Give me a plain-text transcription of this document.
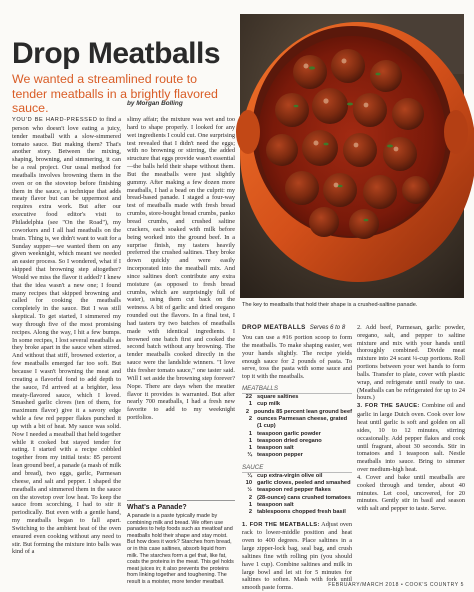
Drop Meatballs
We wanted a streamlined route to tender meatballs in a brightly flavored sauce.	by Morgan Bolling

YOU'D BE HARD-PRESSED to find a person who doesn't love eating a juicy, tender meatball with a slow-simmered tomato sauce. But making them? That's another story. Between the mixing, shaping, browning, and simmering, it can be a real project. Our usual method for meatballs involves browning them in the oven or on the stovetop before finishing them in the sauce, a technique that adds meaty flavor but can be uppermost and requires extra work. But after our executive food editor's visit to Philadelphia (see "On the Road"), my coworkers and I all had meatballs on the brain. Thing is, we didn't want to wait for a Sunday supper—we wanted them on any given weeknight, which meant we needed an easier process. So I wondered, what if I skipped that browning step altogether? Would we miss the flavor it added? I knew that the idea wasn't a new one; I found many recipes that skipped browning and called for cooking the meatballs completely in the sauce. But I was still skeptical. To get started, I simmered my way through five of the most promising recipes. Along the way, I hit a few bumps. In some recipes, I lost several meatballs as they broke apart in the sauce when stirred. And without that stiff, browned exterior, a few meatballs emerged far too soft. But because I wasn't browning the meat and creating a flavorful fond to add depth to the sauce, I'd arrived at a brighter, less meaty-flavored sauce, which I loved. Smashed garlic cloves (ten of them, for maximum flavor) give it a savory edge while a few red pepper flakes punched it up with a bit of heat. My sauce was solid. Now I needed a meatball that held together while it cooked but stayed tender for eating. I started with a recipe cobbled together from my initial tests: 85 percent lean ground beef, a panade (a mash of milk and bread), two eggs, garlic, Parmesan cheese, and salt and pepper. I shaped the meatballs and simmered them in the sauce on the stovetop over low heat. To keep the sauce from scorching, I had to stir it periodically. But even with a gentle hand, my meatballs began to fall apart. Switching to the ambient heat of the oven ensured even cooking without any need to stir. But forming the mixture into balls was kind of a

slimy affair; the mixture was wet and too hard to shape properly. I looked for any wet ingredients I could cut. One surprising test revealed that I didn't need the eggs; with no browning or stirring, the added structure that eggs provide wasn't essential—the balls held their shape without them. But the meatballs were just slightly gummy. After making a few dozen more meatballs, I had a bead on the culprit: my bread-based panade. I staged a four-way test of meatballs made with fresh bread crumbs, store-bought bread crumbs, panko bread crumbs, and crushed saltine crackers, each soaked with milk before being worked into the ground beef. In a surprise finish, my tasters heavily preferred the crushed saltines. They broke down quickly and were easily incorporated into the meatball mix. And since saltines don't contribute any extra moisture (as opposed to fresh bread crumbs, which are surprisingly full of water), using them cut back on the wetness. A bit of garlic and dried oregano rounded out the flavors. In a final test, I had tasters try two batches of meatballs made with identical ingredients. I browned one batch first and cooked the second batch without any browning. The tender meatballs cooked directly in the sauce were the landslide winners. "I love this fresher tomato sauce," one taster said. Will I set aside the browning step forever? Nope. There are days when the meatier flavor it provides is warranted. But after nearly 700 meatballs, I had a fresh new favorite to add to my weeknight portfolios.

What's a Panade?
A panade is a paste typically made by combining milk and bread. We often use panades to help foods such as meatloaf and meatballs hold their shape and stay moist. But how does it work? Starches from bread, or in this case saltines, absorb liquid from milk. The starches form a gel that, like fat, coats the proteins in the meat. This gel holds meat juices in; it also prevents the proteins from linking together and toughening. The result is a moister, more tender meatball.
The key to meatballs that hold their shape is a crushed-saltine panade.
DROP MEATBALLS Serves 6 to 8

You can use a #16 portion scoop to form the meatballs. To make shaping easier, wet your hands slightly. The recipe yields enough sauce for 2 pounds of pasta. To serve, toss the pasta with some sauce and top it with the meatballs.

MEATBALLS
22 square saltines
1 cup milk
2 pounds 85 percent lean ground beef
2 ounces Parmesan cheese, grated
(1 cup)
1 teaspoon garlic powder
1 teaspoon dried oregano
1 teaspoon salt
¾ teaspoon pepper
SAUCE
¼ cup extra-virgin olive oil
10 garlic cloves, peeled and smashed
½ teaspoon red pepper flakes
2 (28-ounce) cans crushed tomatoes
1 teaspoon salt
2 tablespoons chopped fresh basil

1. FOR THE MEATBALLS: Adjust oven rack to lower-middle position and heat oven to 400 degrees. Place saltines in a large zipper-lock bag, seal bag, and crush saltines fine with rolling pin (you should have 1 cup). Combine saltines and milk in large bowl and let sit for 5 minutes for saltines to soften. Mash with fork until smooth paste forms.

2. Add beef, Parmesan, garlic powder, oregano, salt, and pepper to saltine mixture and mix with your hands until thoroughly combined. Divide meat mixture into 24 scant ¼-cup portions. Roll portions between your wet hands to form balls. Transfer to plate, cover with plastic wrap, and refrigerate until ready to use. (Meatballs can be refrigerated for up to 24 hours.)

3. FOR THE SAUCE: Combine oil and garlic in large Dutch oven. Cook over low heat until garlic is soft and golden on all sides, 10 to 12 minutes, stirring occasionally. Add pepper flakes and cook until fragrant, about 30 seconds. Stir in tomatoes and 1 teaspoon salt. Nestle meatballs into sauce. Bring to simmer over medium-high heat.

4. Cover and bake until meatballs are cooked through and tender, about 40 minutes. Let cool, uncovered, for 20 minutes. Gently stir in basil and season with salt and pepper to taste. Serve.

FEBRUARY/MARCH 2018 • COOK'S COUNTRY 5
